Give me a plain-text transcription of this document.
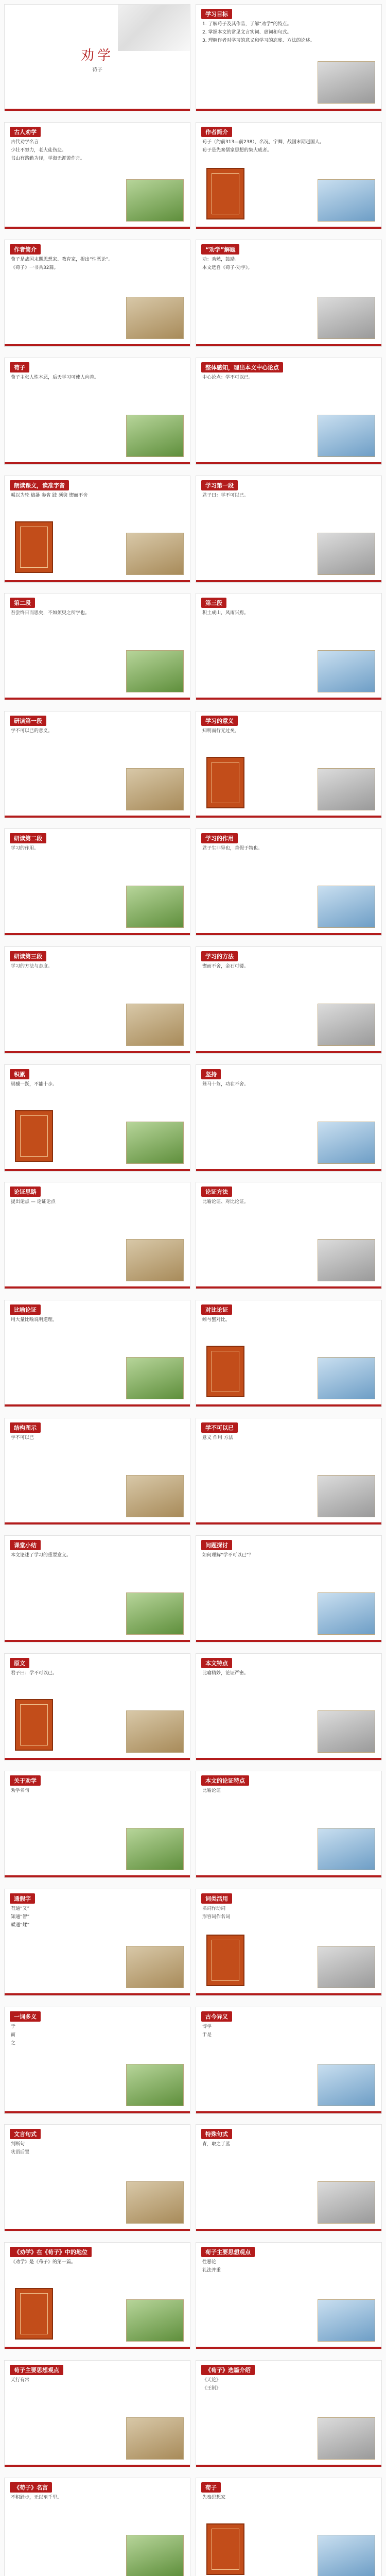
劝学
荀子
学习目标

1. 了解荀子及其作品，了解“劝学”的特点。

2. 掌握本文的常见文言实词、虚词和句式。

3. 理解作者对学习的意义和学习的态度、方法的论述。

古人劝学

古代劝学名言

少壮不努力，老大徒伤悲。

书山有路勤为径，学海无涯苦作舟。

作者简介

荀子（约前313—前238），名况，字卿，战国末期赵国人。

荀子是先秦儒家思想的集大成者。

作者简介

荀子是战国末期思想家、教育家，提出“性恶论”。

《荀子》一书共32篇。

“劝学”解题

劝：劝勉，鼓励。

本文选自《荀子·劝学》。

荀子

荀子主张人性本恶，后天学习可使人向善。

整体感知，理出本文中心论点

中心论点：学不可以已。

朗读课文，读准字音

輮以为轮 槁暴 参省 跂 须臾 锲而不舍

学习第一段

君子曰：学不可以已。

第二段

吾尝终日而思矣，不如须臾之所学也。

第三段

积土成山，风雨兴焉。

研读第一段

学不可以已的意义。

学习的意义

知明而行无过矣。

研读第二段

学习的作用。

学习的作用

君子生非异也，善假于物也。

研读第三段

学习的方法与态度。

学习的方法

锲而不舍，金石可镂。

积累

骐骥一跃，不能十步。

坚持

驽马十驾，功在不舍。

论证思路

提出论点 — 论证论点

论证方法

比喻论证、对比论证。

比喻论证

用大量比喻说明道理。

对比论证

蚓与蟹对比。

结构图示

学不可以已

学不可以已

意义 作用 方法

课堂小结

本文论述了学习的重要意义。

问题探讨

如何理解“学不可以已”？

原文

君子曰：学不可以已。

本文特点

比喻精妙，论证严密。

关于劝学

劝学名句

本文的论证特点

比喻论证

通假字

有通“又”

知通“智”

輮通“煣”

词类活用

名词作动词

形容词作名词

一词多义

于

而

之

古今异义

博学

于是

文言句式

判断句

状语后置

特殊句式

青，取之于蓝

《劝学》在《荀子》中的地位

《劝学》是《荀子》的第一篇。

荀子主要思想观点

性恶论

礼法并重

荀子主要思想观点

天行有常

《荀子》选篇介绍

《天论》

《王制》

《荀子》名言

不积跬步，无以至千里。

荀子

先秦思想家
